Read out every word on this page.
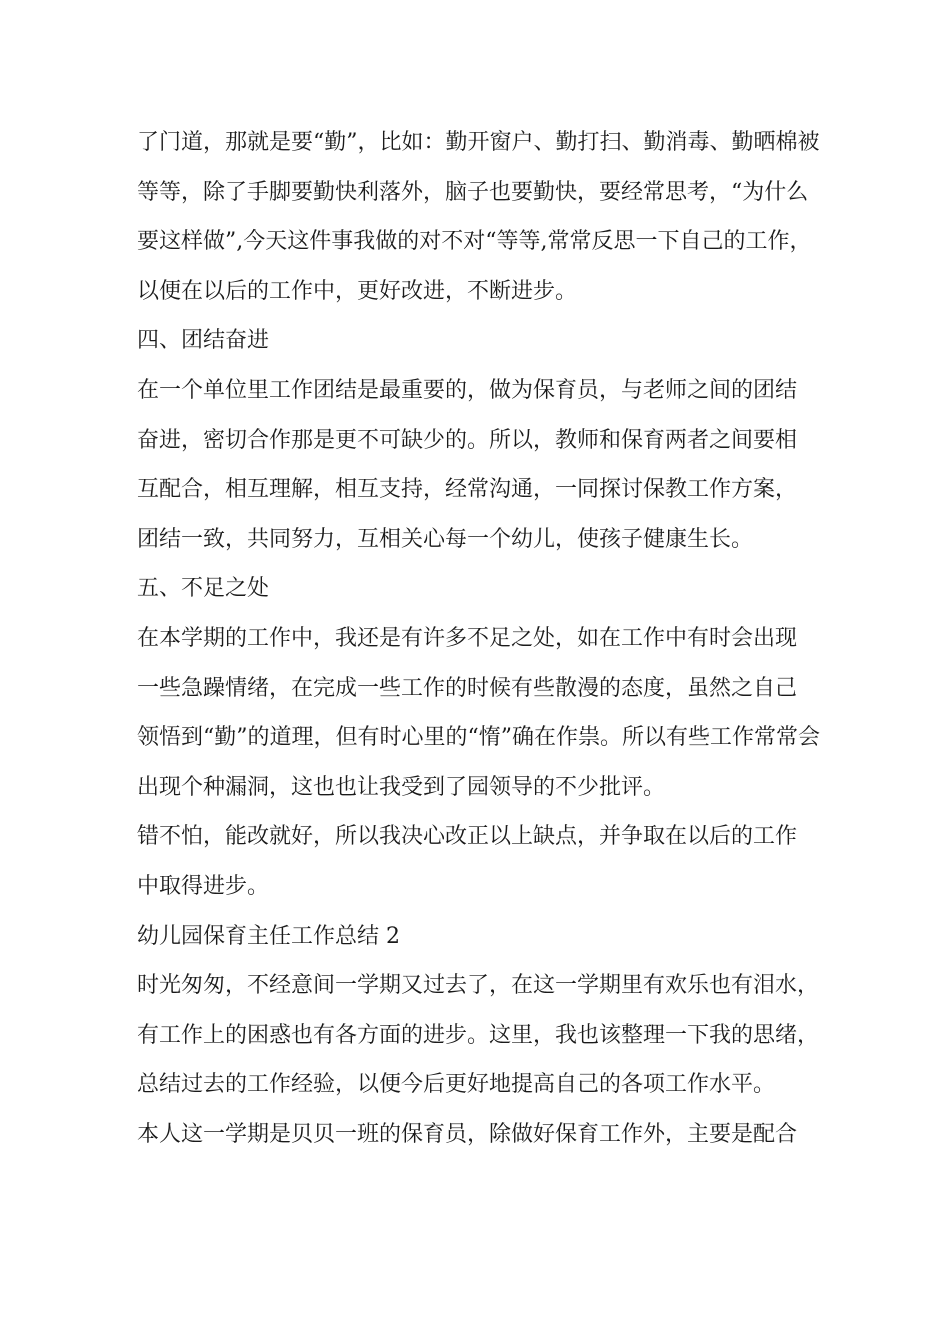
了门道，那就是要“勤”，比如：勤开窗户、勤打扫、勤消毒、勤晒棉被
等等，除了手脚要勤快利落外，脑子也要勤快，要经常思考，“为什么
要这样做”,今天这件事我做的对不对“等等,常常反思一下自己的工作，
以便在以后的工作中，更好改进，不断进步。
四、团结奋进
在一个单位里工作团结是最重要的，做为保育员，与老师之间的团结
奋进，密切合作那是更不可缺少的。所以，教师和保育两者之间要相
互配合，相互理解，相互支持，经常沟通，一同探讨保教工作方案，
团结一致，共同努力，互相关心每一个幼儿，使孩子健康生长。
五、不足之处
在本学期的工作中，我还是有许多不足之处，如在工作中有时会出现
一些急躁情绪，在完成一些工作的时候有些散漫的态度，虽然之自己
领悟到“勤”的道理，但有时心里的“惰”确在作祟。所以有些工作常常会
出现个种漏洞，这也也让我受到了园领导的不少批评。
错不怕，能改就好，所以我决心改正以上缺点，并争取在以后的工作
中取得进步。
幼儿园保育主任工作总结 2
时光匆匆，不经意间一学期又过去了，在这一学期里有欢乐也有泪水，
有工作上的困惑也有各方面的进步。这里，我也该整理一下我的思绪，
总结过去的工作经验，以便今后更好地提高自己的各项工作水平。
本人这一学期是贝贝一班的保育员，除做好保育工作外，主要是配合
